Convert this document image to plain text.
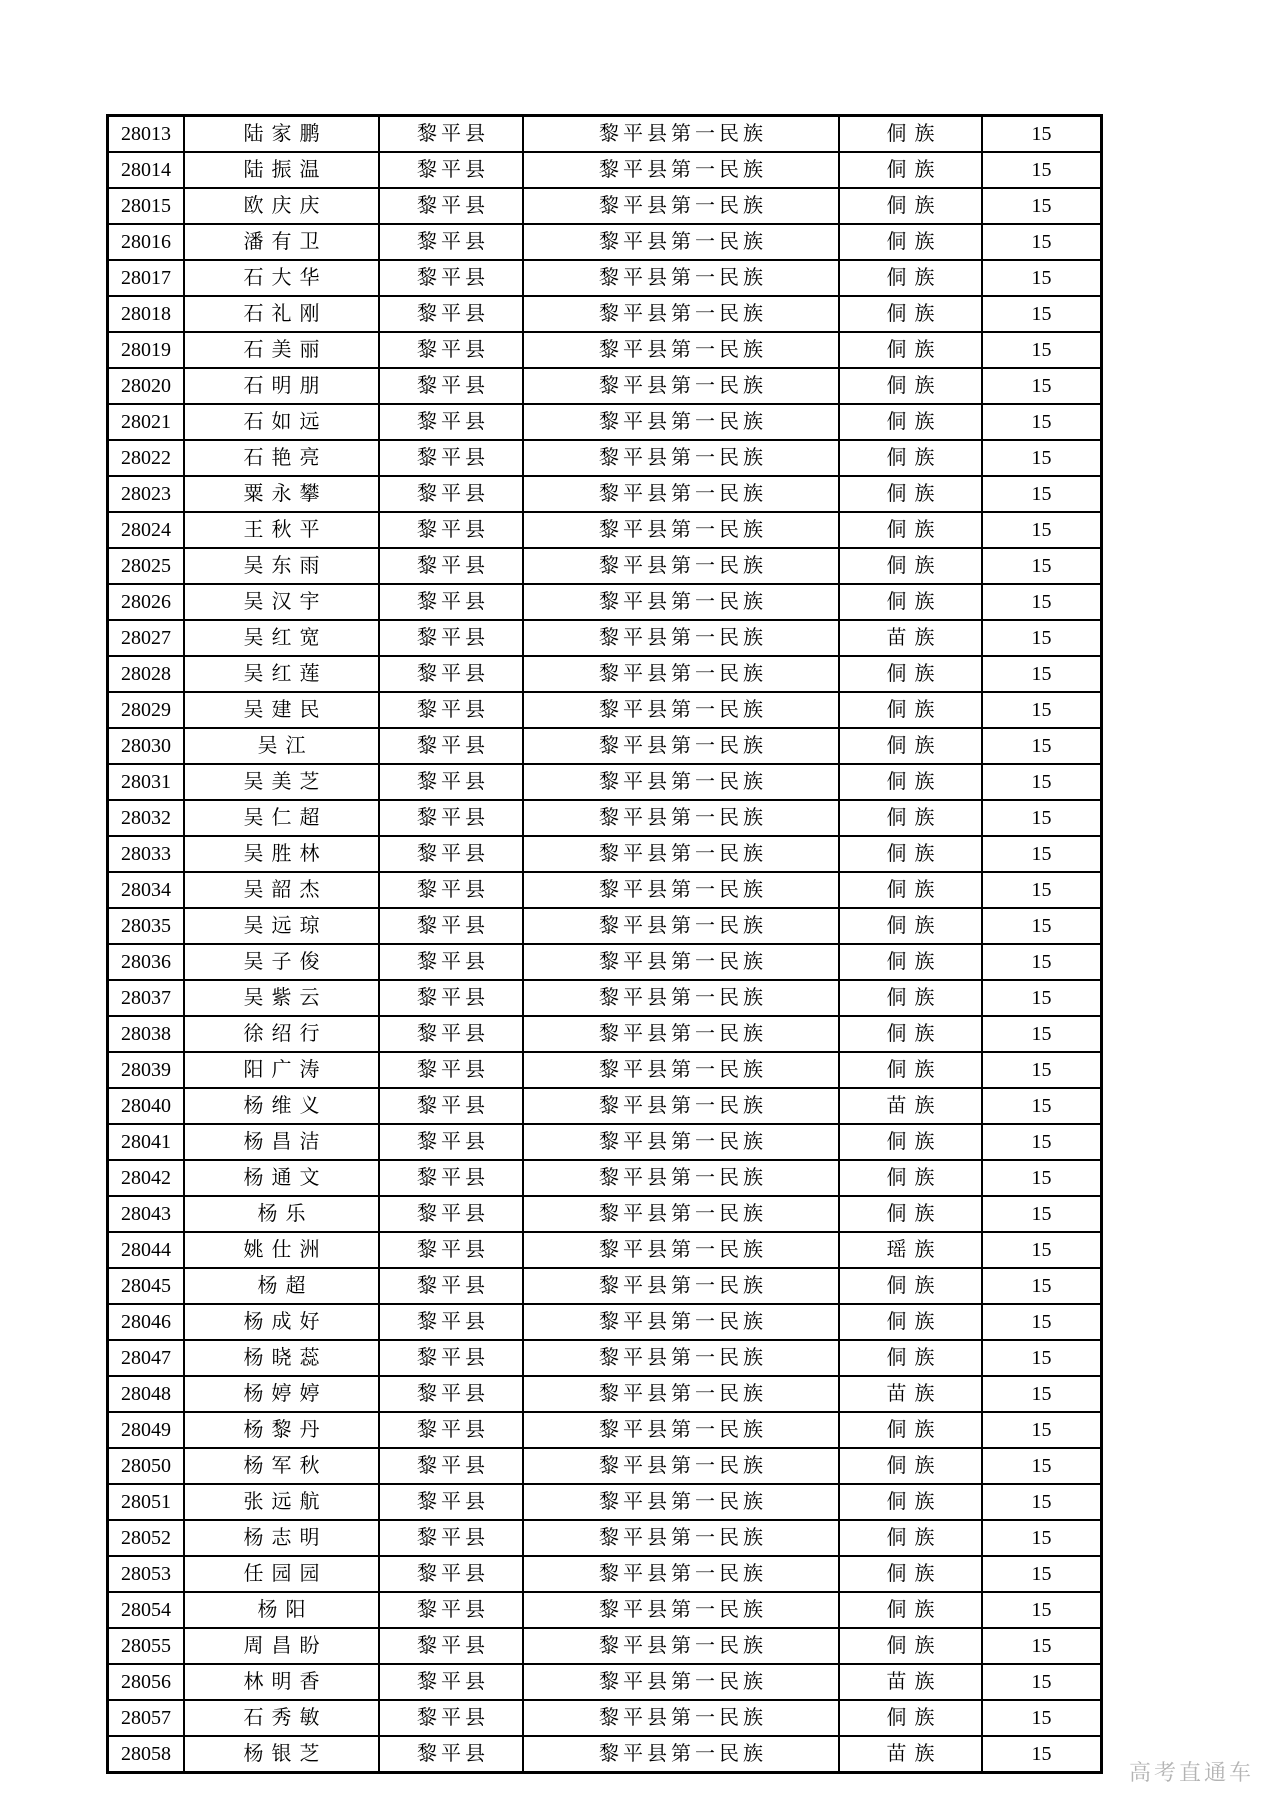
28013	陆家鹏	黎平县	黎平县第一民族	侗族	15
28014	陆振温	黎平县	黎平县第一民族	侗族	15
28015	欧庆庆	黎平县	黎平县第一民族	侗族	15
28016	潘有卫	黎平县	黎平县第一民族	侗族	15
28017	石大华	黎平县	黎平县第一民族	侗族	15
28018	石礼刚	黎平县	黎平县第一民族	侗族	15
28019	石美丽	黎平县	黎平县第一民族	侗族	15
28020	石明朋	黎平县	黎平县第一民族	侗族	15
28021	石如远	黎平县	黎平县第一民族	侗族	15
28022	石艳亮	黎平县	黎平县第一民族	侗族	15
28023	粟永攀	黎平县	黎平县第一民族	侗族	15
28024	王秋平	黎平县	黎平县第一民族	侗族	15
28025	吴东雨	黎平县	黎平县第一民族	侗族	15
28026	吴汉宇	黎平县	黎平县第一民族	侗族	15
28027	吴红宽	黎平县	黎平县第一民族	苗族	15
28028	吴红莲	黎平县	黎平县第一民族	侗族	15
28029	吴建民	黎平县	黎平县第一民族	侗族	15
28030	吴江	黎平县	黎平县第一民族	侗族	15
28031	吴美芝	黎平县	黎平县第一民族	侗族	15
28032	吴仁超	黎平县	黎平县第一民族	侗族	15
28033	吴胜林	黎平县	黎平县第一民族	侗族	15
28034	吴韶杰	黎平县	黎平县第一民族	侗族	15
28035	吴远琼	黎平县	黎平县第一民族	侗族	15
28036	吴子俊	黎平县	黎平县第一民族	侗族	15
28037	吴紫云	黎平县	黎平县第一民族	侗族	15
28038	徐绍行	黎平县	黎平县第一民族	侗族	15
28039	阳广涛	黎平县	黎平县第一民族	侗族	15
28040	杨维义	黎平县	黎平县第一民族	苗族	15
28041	杨昌洁	黎平县	黎平县第一民族	侗族	15
28042	杨通文	黎平县	黎平县第一民族	侗族	15
28043	杨乐	黎平县	黎平县第一民族	侗族	15
28044	姚仕洲	黎平县	黎平县第一民族	瑶族	15
28045	杨超	黎平县	黎平县第一民族	侗族	15
28046	杨成好	黎平县	黎平县第一民族	侗族	15
28047	杨晓蕊	黎平县	黎平县第一民族	侗族	15
28048	杨婷婷	黎平县	黎平县第一民族	苗族	15
28049	杨黎丹	黎平县	黎平县第一民族	侗族	15
28050	杨军秋	黎平县	黎平县第一民族	侗族	15
28051	张远航	黎平县	黎平县第一民族	侗族	15
28052	杨志明	黎平县	黎平县第一民族	侗族	15
28053	任园园	黎平县	黎平县第一民族	侗族	15
28054	杨阳	黎平县	黎平县第一民族	侗族	15
28055	周昌盼	黎平县	黎平县第一民族	侗族	15
28056	林明香	黎平县	黎平县第一民族	苗族	15
28057	石秀敏	黎平县	黎平县第一民族	侗族	15
28058	杨银芝	黎平县	黎平县第一民族	苗族	15
高考直通车
